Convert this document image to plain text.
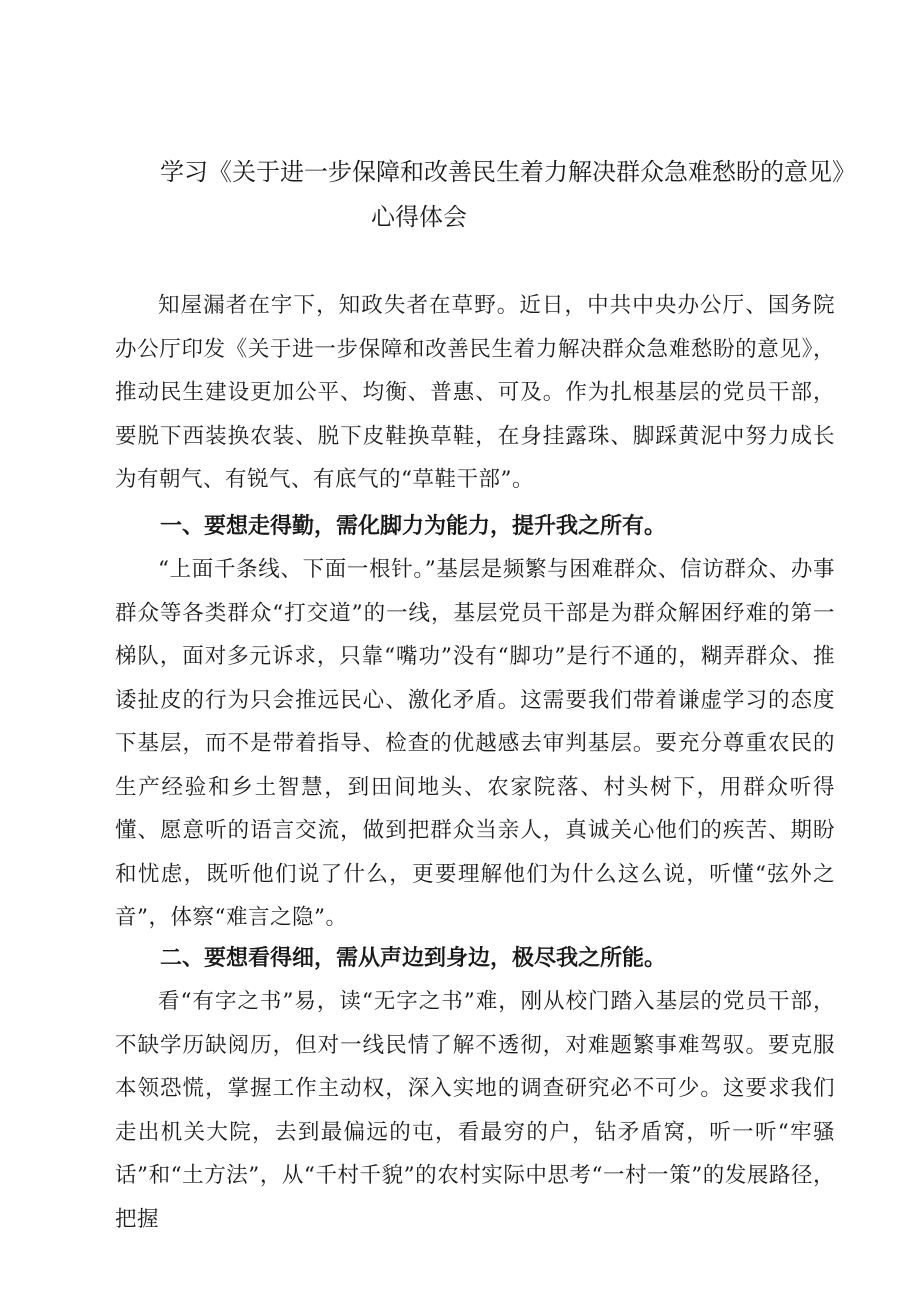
学习《关于进一步保障和改善民生着力解决群众急难愁盼的意见》
心得体会

知屋漏者在宇下，知政失者在草野。近日，中共中央办公厅、国务院办公厅印发《关于进一步保障和改善民生着力解决群众急难愁盼的意见》，推动民生建设更加公平、均衡、普惠、可及。作为扎根基层的党员干部，要脱下西装换农装、脱下皮鞋换草鞋，在身挂露珠、脚踩黄泥中努力成长为有朝气、有锐气、有底气的“草鞋干部”。

一、要想走得勤，需化脚力为能力，提升我之所有。

“上面千条线、下面一根针。”基层是频繁与困难群众、信访群众、办事群众等各类群众“打交道”的一线，基层党员干部是为群众解困纾难的第一梯队，面对多元诉求，只靠“嘴功”没有“脚功”是行不通的，糊弄群众、推诿扯皮的行为只会推远民心、激化矛盾。这需要我们带着谦虚学习的态度下基层，而不是带着指导、检查的优越感去审判基层。要充分尊重农民的生产经验和乡土智慧，到田间地头、农家院落、村头树下，用群众听得懂、愿意听的语言交流，做到把群众当亲人，真诚关心他们的疾苦、期盼和忧虑，既听他们说了什么，更要理解他们为什么这么说，听懂“弦外之音”，体察“难言之隐”。

二、要想看得细，需从声边到身边，极尽我之所能。

看“有字之书”易，读“无字之书”难，刚从校门踏入基层的党员干部，不缺学历缺阅历，但对一线民情了解不透彻，对难题繁事难驾驭。要克服本领恐慌，掌握工作主动权，深入实地的调查研究必不可少。这要求我们走出机关大院，去到最偏远的屯，看最穷的户，钻矛盾窝，听一听“牢骚话”和“土方法”，从“千村千貌”的农村实际中思考“一村一策”的发展路径，把握
